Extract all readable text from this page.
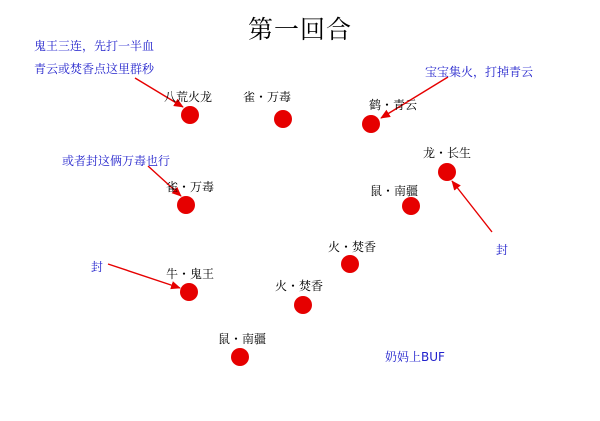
第一回合
八荒火龙	雀・万毒
鹤・青云
龙・长生
鼠・南疆
雀・万毒
火・焚香
牛・鬼王
火・焚香
鼠・南疆
鬼王三连，先打一半血
青云或焚香点这里群秒	宝宝集火，打掉青云
或者封这俩万毒也行
封
封
奶妈上BUF
